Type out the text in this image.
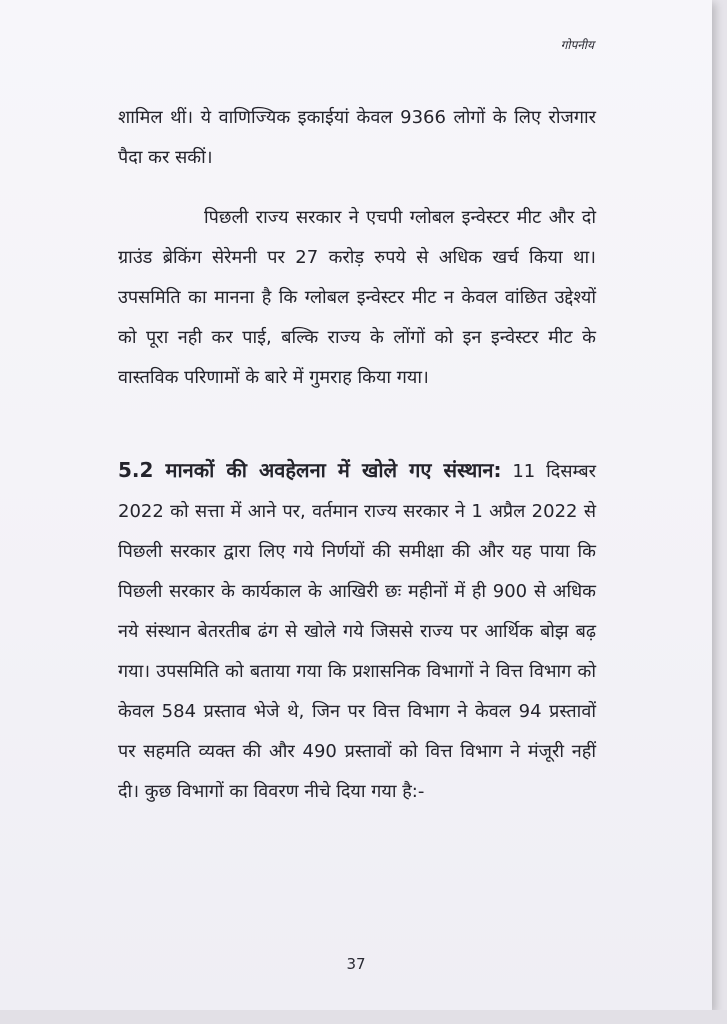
गोपनीय
शामिल थीं। ये वाणिज्यिक इकाईयां केवल 9366 लोगों के लिए रोजगार पैदा कर सकीं।
पिछली राज्य सरकार ने एचपी ग्लोबल इन्वेस्टर मीट और दो ग्राउंड ब्रेकिंग सेरेमनी पर 27 करोड़ रुपये से अधिक खर्च किया था। उपसमिति का मानना है कि ग्लोबल इन्वेस्टर मीट न केवल वांछित उद्देश्यों को पूरा नही कर पाई, बल्कि राज्य के लोंगों को इन इन्वेस्टर मीट के वास्तविक परिणामों के बारे में गुमराह किया गया।
5.2 मानकों की अवहेलना में खोले गए संस्थान: 11 दिसम्बर 2022 को सत्ता में आने पर, वर्तमान राज्य सरकार ने 1 अप्रैल 2022 से पिछली सरकार द्वारा लिए गये निर्णयों की समीक्षा की और यह पाया कि पिछली सरकार के कार्यकाल के आखिरी छः महीनों में ही 900 से अधिक नये संस्थान बेतरतीब ढंग से खोले गये जिससे राज्य पर आर्थिक बोझ बढ़ गया। उपसमिति को बताया गया कि प्रशासनिक विभागों ने वित्त विभाग को केवल 584 प्रस्ताव भेजे थे, जिन पर वित्त विभाग ने केवल 94 प्रस्तावों पर सहमति व्यक्त की और 490 प्रस्तावों को वित्त विभाग ने मंजूरी नहीं दी। कुछ विभागों का विवरण नीचे दिया गया है:-
37
